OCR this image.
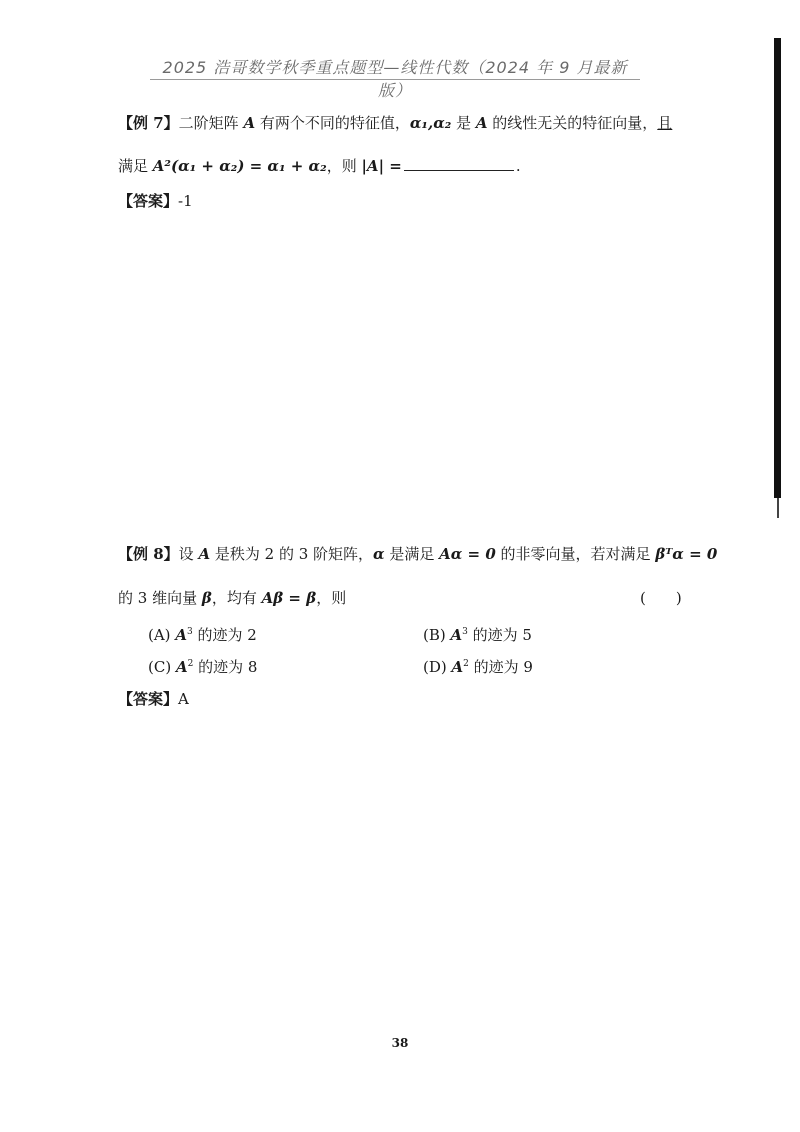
2025 浩哥数学秋季重点题型—线性代数（2024 年 9 月最新版）
【例 7】二阶矩阵 A 有两个不同的特征值，α₁,α₂ 是 A 的线性无关的特征向量，且
满足 A²(α₁ + α₂) = α₁ + α₂，则 |A| =	.
【答案】-1
【例 8】设 A 是秩为 2 的 3 阶矩阵，α 是满足 Aα = 0 的非零向量，若对满足 βᵀα = 0
的 3 维向量 β，均有 Aβ = β，则	(　　)
(A) $A^3$ 的迹为 2	(B) $A^3$ 的迹为 5
(C) $A^2$ 的迹为 8	(D) $A^2$ 的迹为 9
【答案】A
38
